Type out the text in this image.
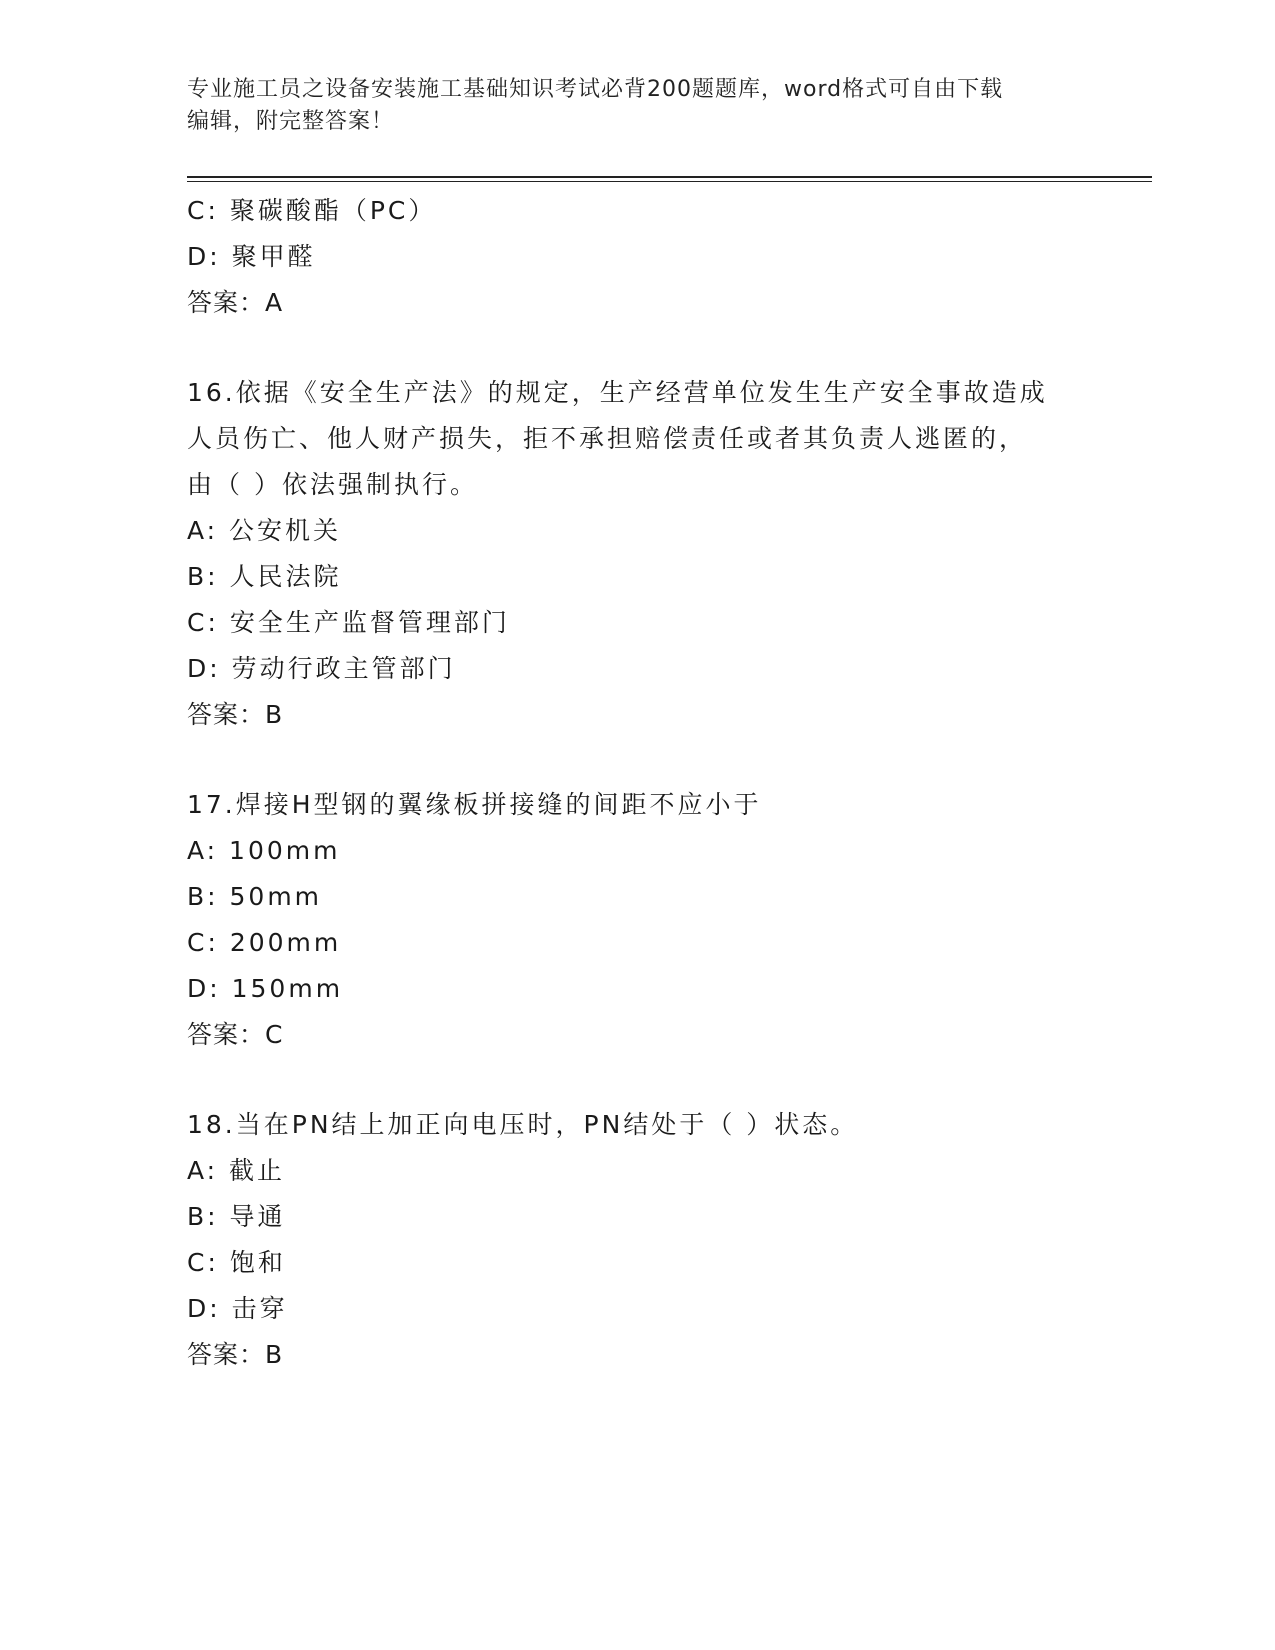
专业施工员之设备安装施工基础知识考试必背200题题库，word格式可自由下载
编辑，附完整答案！
C: 聚碳酸酯（PC）
D: 聚甲醛
答案：A
16.依据《安全生产法》的规定，生产经营单位发生生产安全事故造成
人员伤亡、他人财产损失，拒不承担赔偿责任或者其负责人逃匿的，
由（ ）依法强制执行。
A: 公安机关
B: 人民法院
C: 安全生产监督管理部门
D: 劳动行政主管部门
答案：B
17.焊接H型钢的翼缘板拼接缝的间距不应小于
A: 100mm
B: 50mm
C: 200mm
D: 150mm
答案：C
18.当在PN结上加正向电压时，PN结处于（ ）状态。
A: 截止
B: 导通
C: 饱和
D: 击穿
答案：B
